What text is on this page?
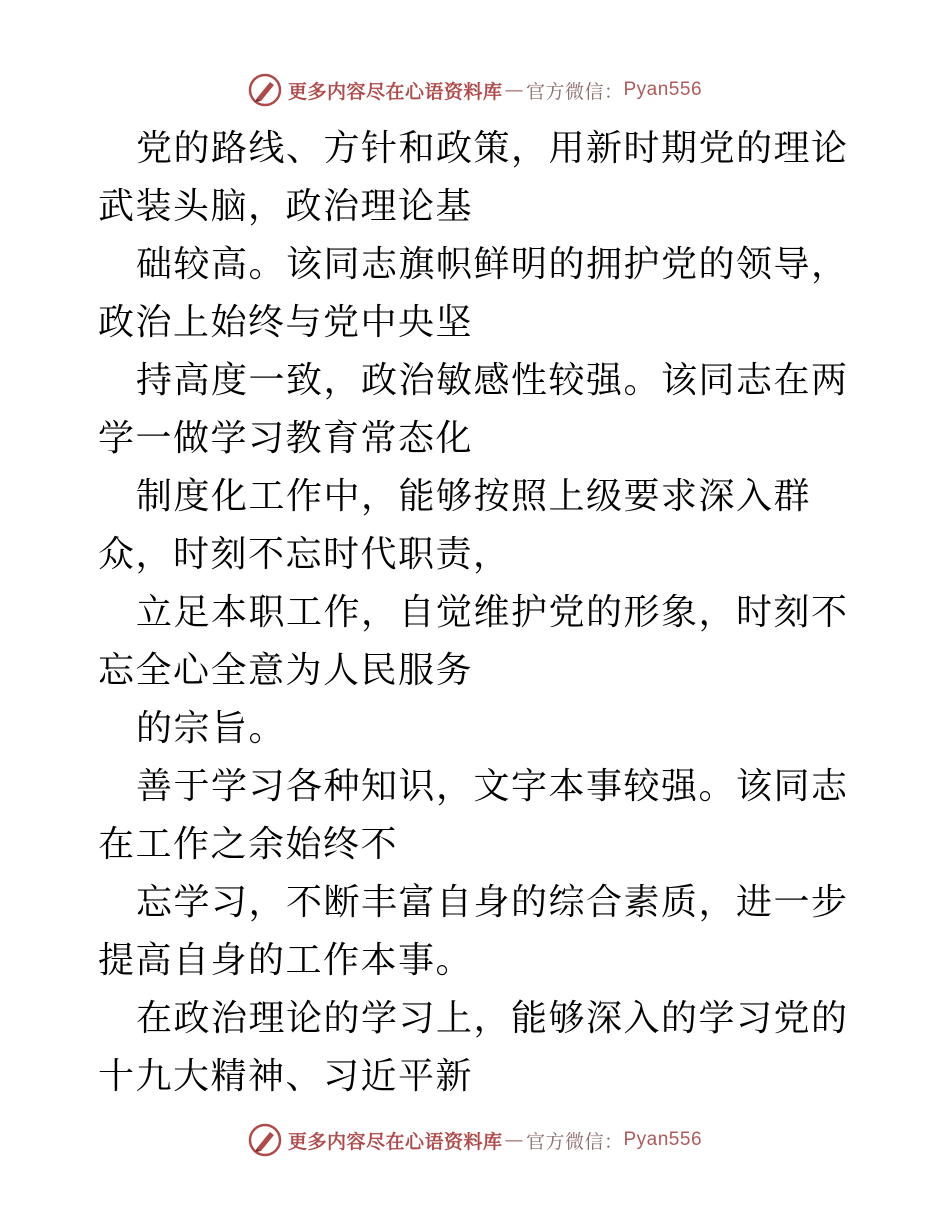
更多内容尽在心语资料库 — 官方微信： Pyan556

党的路线、方针和政策，用新时期党的理论武装头脑，政治理论基

础较高。该同志旗帜鲜明的拥护党的领导，政治上始终与党中央坚

持高度一致，政治敏感性较强。该同志在两学一做学习教育常态化

制度化工作中，能够按照上级要求深入群众，时刻不忘时代职责，

立足本职工作，自觉维护党的形象，时刻不忘全心全意为人民服务

的宗旨。

善于学习各种知识，文字本事较强。该同志在工作之余始终不

忘学习，不断丰富自身的综合素质，进一步提高自身的工作本事。

在政治理论的学习上，能够深入的学习党的十九大精神、习近平新

更多内容尽在心语资料库 — 官方微信： Pyan556
